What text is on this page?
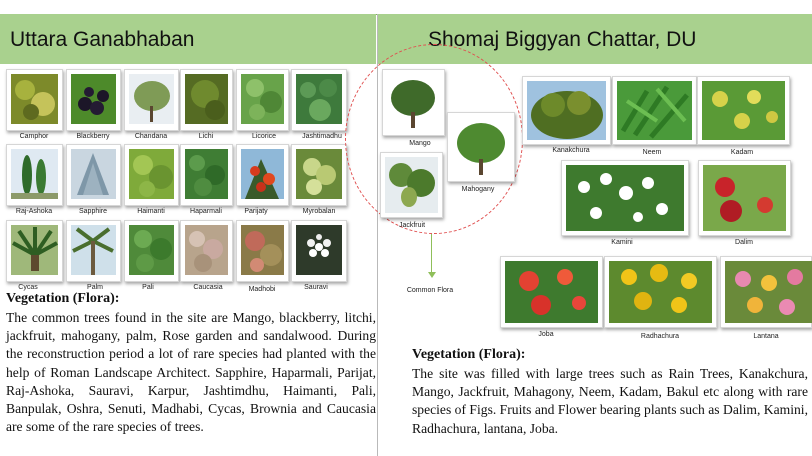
Uttara Ganabhaban	Shomaj Biggyan Chattar, DU
Camphor	Blackberry	Chandana	Lichi	Licorice	Jashtimadhu
Raj-Ashoka	Sapphire	Haimanti	Haparmali	Parijaty	Myrobalan
Cycas	Palm	Pali	Caucasia	Madhobi	Sauravi
Vegetation (Flora):
The common trees found in the site are Mango, blackberry, litchi, jackfruit, mahogany, palm, Rose garden and sandalwood. During the reconstruction period a lot of rare species had planted with the help of Roman Landscape Architect. Sapphire, Haparmali, Parijat, Raj-Ashoka, Sauravi, Karpur, Jashtimdhu, Haimanti, Pali, Banpulak, Oshra, Senuti, Madhabi, Cycas, Brownia and Caucasia are some of the rare species of trees.
Mango
Mahogany
Jackfruit
Common Flora
Kanakchura	Neem	Kadam
Kamini	Dalim
Joba	Radhachura	Lantana
Vegetation (Flora):
The site was filled with large trees such as Rain Trees, Kanakchura, Mango, Jackfruit, Mahagony, Neem, Kadam, Bakul etc along with rare species of Figs. Fruits and Flower bearing plants such as Dalim, Kamini, Radhachura, lantana, Joba.
